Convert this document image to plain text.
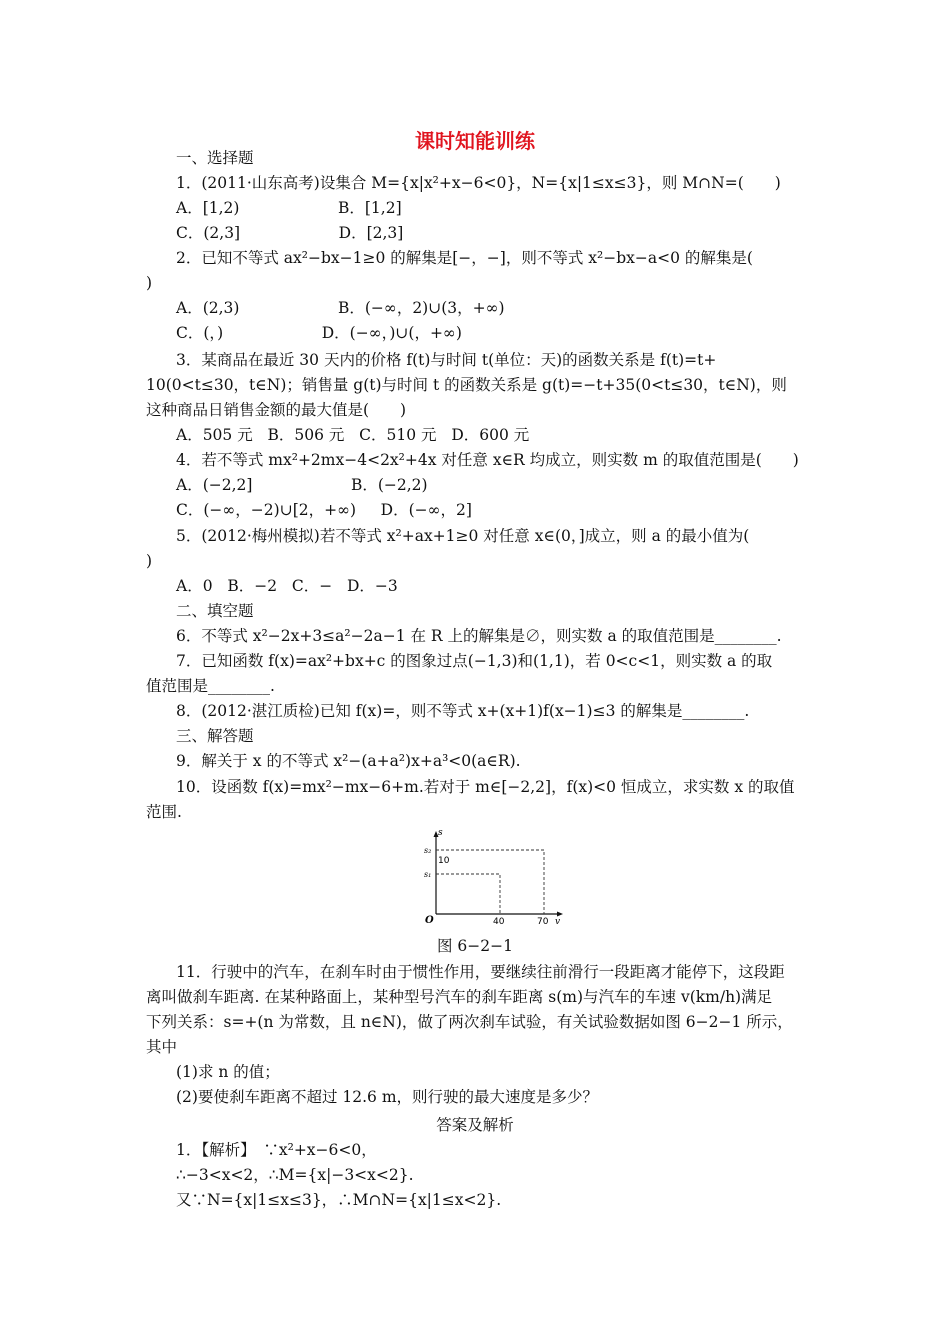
课时知能训练
一、选择题
1．(2011·山东高考)设集合 M={x|x²+x−6<0}，N={x|1≤x≤3}，则 M∩N=(　　)
A．[1,2)                    B．[1,2]
C．(2,3]                    D．[2,3]
2．已知不等式 ax²−bx−1≥0 的解集是[−，−]，则不等式 x²−bx−a<0 的解集是(
)
A．(2,3)                    B．(−∞，2)∪(3，+∞)
C．(，)                    D．(−∞，)∪(，+∞)
3．某商品在最近 30 天内的价格 f(t)与时间 t(单位：天)的函数关系是 f(t)=t+
10(0<t≤30，t∈N)；销售量 g(t)与时间 t 的函数关系是 g(t)=−t+35(0<t≤30，t∈N)，则
这种商品日销售金额的最大值是(　　)
A．505 元   B．506 元   C．510 元   D．600 元
4．若不等式 mx²+2mx−4<2x²+4x 对任意 x∈R 均成立，则实数 m 的取值范围是(　　)
A．(−2,2]                    B．(−2,2)
C．(−∞，−2)∪[2，+∞)     D．(−∞，2]
5．(2012·梅州模拟)若不等式 x²+ax+1≥0 对任意 x∈(0，]成立，则 a 的最小值为(
)
A．0   B．−2   C．−   D．−3
二、填空题
6．不等式 x²−2x+3≤a²−2a−1 在 R 上的解集是∅，则实数 a 的取值范围是________.
7．已知函数 f(x)=ax²+bx+c 的图象过点(−1,3)和(1,1)，若 0<c<1，则实数 a 的取
值范围是________.
8．(2012·湛江质检)已知 f(x)=，则不等式 x+(x+1)f(x−1)≤3 的解集是________.
三、解答题
9．解关于 x 的不等式 x²−(a+a²)x+a³<0(a∈R).
10．设函数 f(x)=mx²−mx−6+m.若对于 m∈[−2,2]，f(x)<0 恒成立，求实数 x 的取值
范围.
11．行驶中的汽车，在刹车时由于惯性作用，要继续往前滑行一段距离才能停下，这段距
离叫做刹车距离. 在某种路面上，某种型号汽车的刹车距离 s(m)与汽车的车速 v(km/h)满足
下列关系：s=+(n 为常数，且 n∈N)，做了两次刹车试验，有关试验数据如图 6−2−1 所示，
其中
(1)求 n 的值；
(2)要使刹车距离不超过 12.6 m，则行驶的最大速度是多少？
1．【解析】　∵x²+x−6<0，
∴−3<x<2，∴M={x|−3<x<2}.
又∵N={x|1≤x≤3}，∴M∩N={x|1≤x<2}.
s
s₂
10
s₁
O	40	70 v
图 6−2−1
答案及解析
